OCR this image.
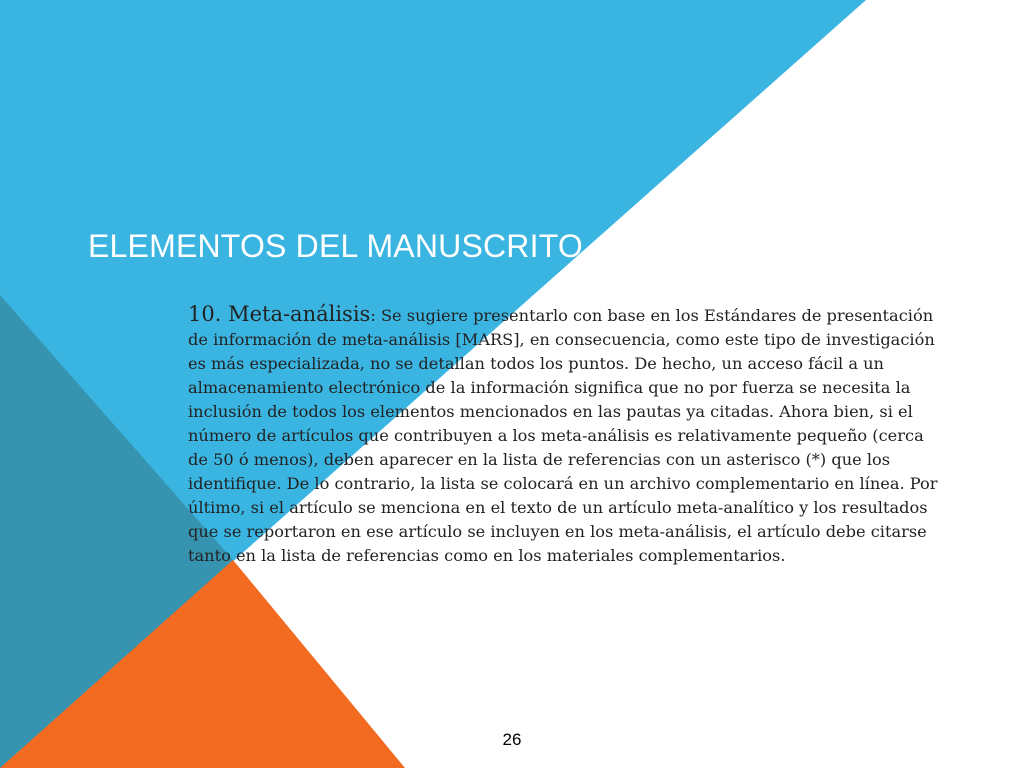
ELEMENTOS DEL MANUSCRITO

10. Meta-análisis: Se sugiere presentarlo con base en los Estándares de presentación de información de meta-análisis [MARS], en consecuencia, como este tipo de investigación es más especializada, no se detallan todos los puntos. De hecho, un acceso fácil a un almacenamiento electrónico de la información significa que no por fuerza se necesita la inclusión de todos los elementos mencionados en las pautas ya citadas. Ahora bien, si el número de artículos que contribuyen a los meta-análisis es relativamente pequeño (cerca de 50 ó menos), deben aparecer en la lista de referencias con un asterisco (*) que los identifique. De lo contrario, la lista se colocará en un archivo complementario en línea. Por último, si el artículo se menciona en el texto de un artículo meta-analítico y los resultados que se reportaron en ese artículo se incluyen en los meta-análisis, el artículo debe citarse tanto en la lista de referencias como en los materiales complementarios.

26
